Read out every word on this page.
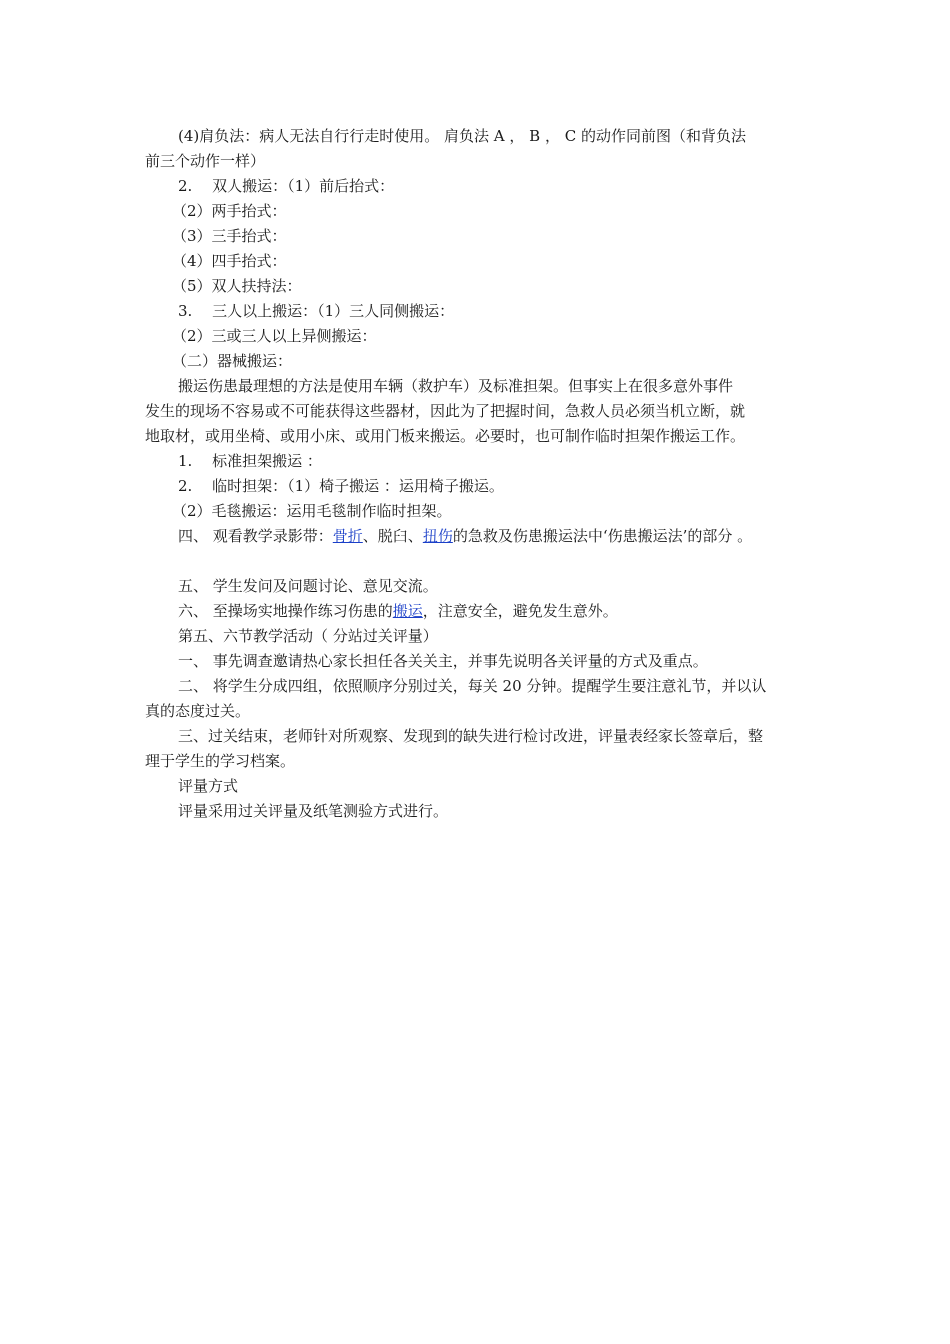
(4)肩负法：病人无法自行行走时使用。 肩负法 A ， B ， C 的动作同前图（和背负法
前三个动作一样）
2.　 双人搬运：（1）前后抬式：
（2）两手抬式：
（3）三手抬式：
（4）四手抬式：
（5）双人扶持法：
3.　 三人以上搬运：（1）三人同侧搬运：
（2）三或三人以上异侧搬运：
（二）器械搬运：
搬运伤患最理想的方法是使用车辆（救护车）及标准担架。但事实上在很多意外事件
发生的现场不容易或不可能获得这些器材，因此为了把握时间，急救人员必须当机立断，就
地取材，或用坐椅、或用小床、或用门板来搬运。必要时，也可制作临时担架作搬运工作。
1.　 标准担架搬运 ：
2.　 临时担架：（1）椅子搬运 ：运用椅子搬运。
（2）毛毯搬运：运用毛毯制作临时担架。
四、 观看教学录影带：骨折、脱臼、扭伤的急救及伤患搬运法中‘伤患搬运法’的部分 。
五、 学生发问及问题讨论、意见交流。
六、 至操场实地操作练习伤患的搬运，注意安全，避免发生意外。
第五、六节教学活动（ 分站过关评量）
一、 事先调查邀请热心家长担任各关关主，并事先说明各关评量的方式及重点。
二、 将学生分成四组，依照顺序分别过关，每关 20 分钟。提醒学生要注意礼节，并以认
真的态度过关。
三、过关结束，老师针对所观察、发现到的缺失进行检讨改进，评量表经家长签章后，整
理于学生的学习档案。
评量方式
评量采用过关评量及纸笔测验方式进行。
